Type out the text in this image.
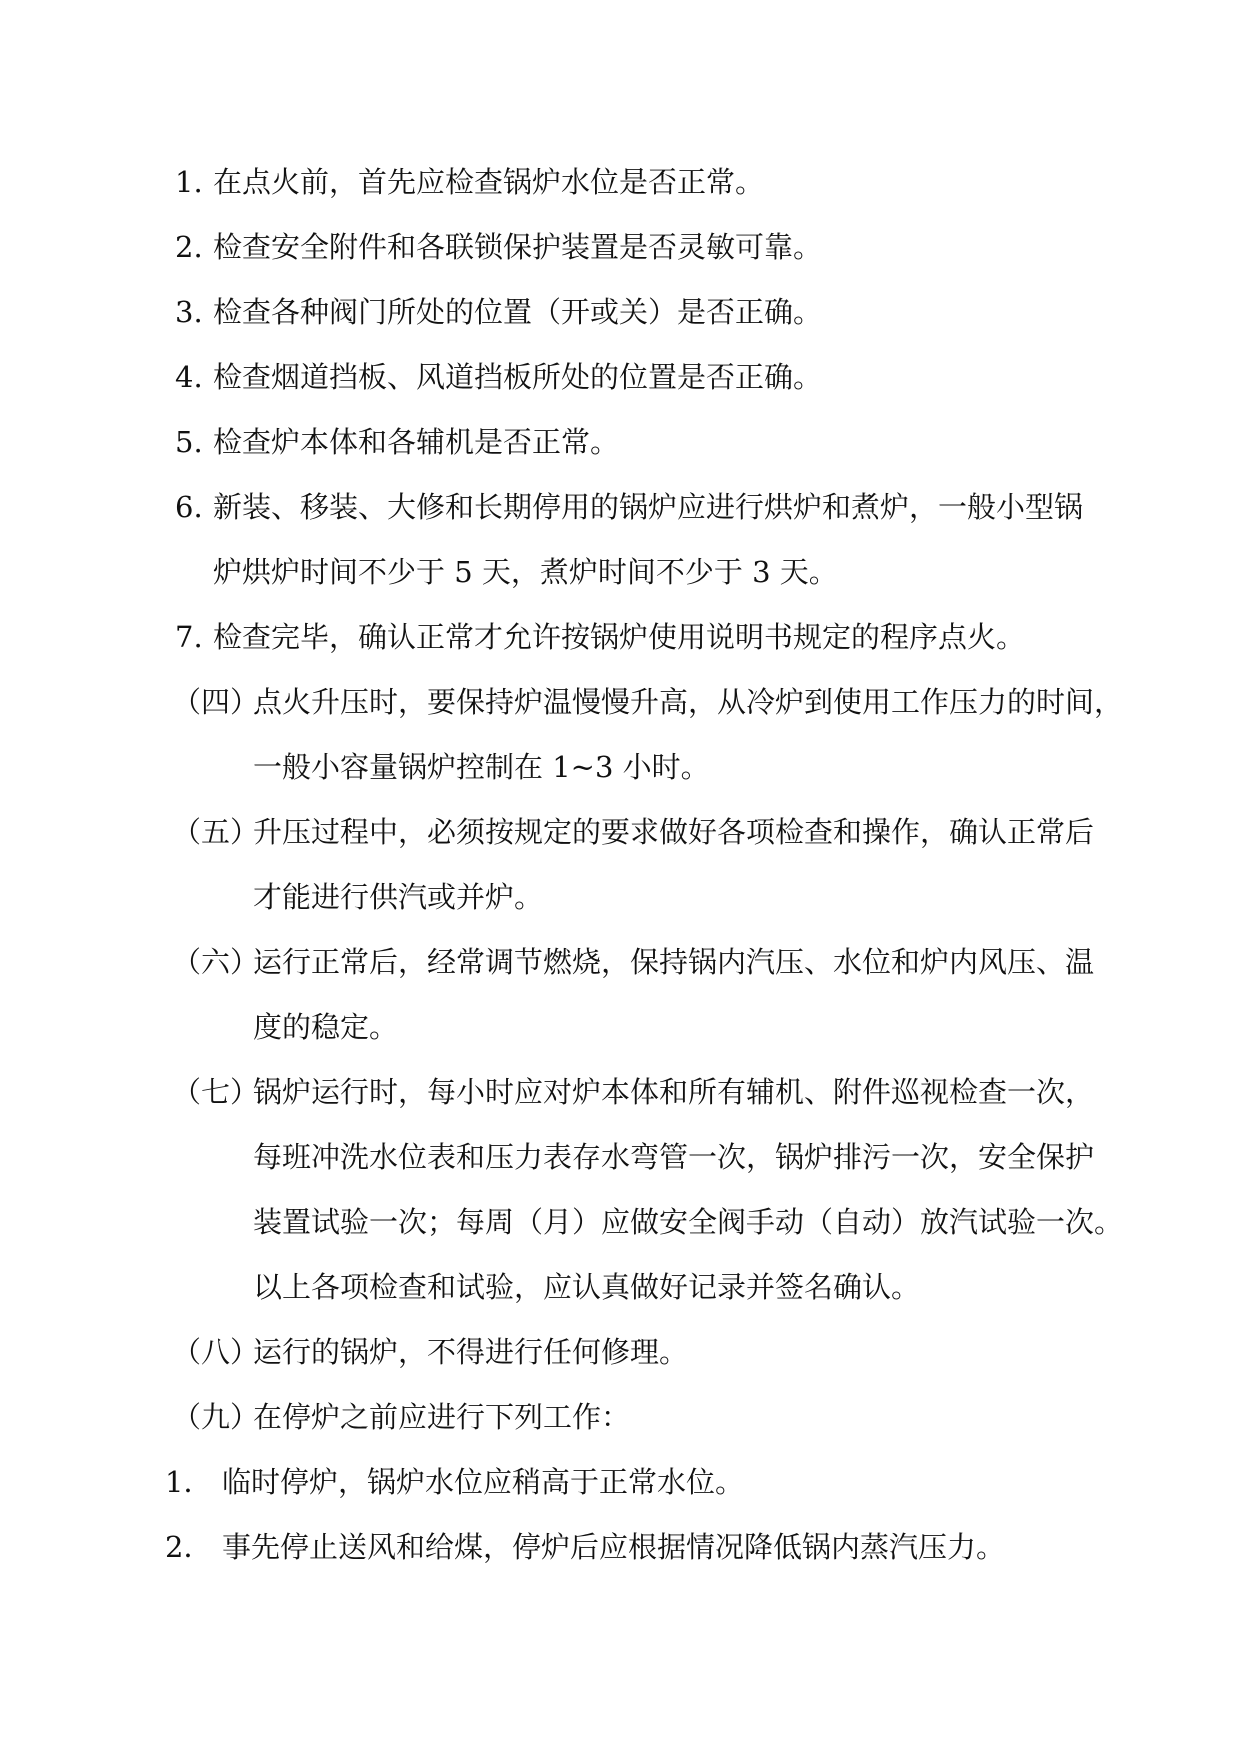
1. 在点火前，首先应检查锅炉水位是否正常。
2. 检查安全附件和各联锁保护装置是否灵敏可靠。
3. 检查各种阀门所处的位置（开或关）是否正确。
4. 检查烟道挡板、风道挡板所处的位置是否正确。
5. 检查炉本体和各辅机是否正常。
6. 新装、移装、大修和长期停用的锅炉应进行烘炉和煮炉，一般小型锅
炉烘炉时间不少于 5 天，煮炉时间不少于 3 天。
7. 检查完毕，确认正常才允许按锅炉使用说明书规定的程序点火。
（四）
点火升压时，要保持炉温慢慢升高，从冷炉到使用工作压力的时间，
一般小容量锅炉控制在 1~3 小时。
（五）
升压过程中，必须按规定的要求做好各项检查和操作，确认正常后
才能进行供汽或并炉。
（六）
运行正常后，经常调节燃烧，保持锅内汽压、水位和炉内风压、温
度的稳定。
（七）
锅炉运行时，每小时应对炉本体和所有辅机、附件巡视检查一次，
每班冲洗水位表和压力表存水弯管一次，锅炉排污一次，安全保护
装置试验一次；每周（月）应做安全阀手动（自动）放汽试验一次。
以上各项检查和试验，应认真做好记录并签名确认。
（八）
运行的锅炉，不得进行任何修理。
（九）
在停炉之前应进行下列工作：
1． 临时停炉，锅炉水位应稍高于正常水位。
2． 事先停止送风和给煤，停炉后应根据情况降低锅内蒸汽压力。
